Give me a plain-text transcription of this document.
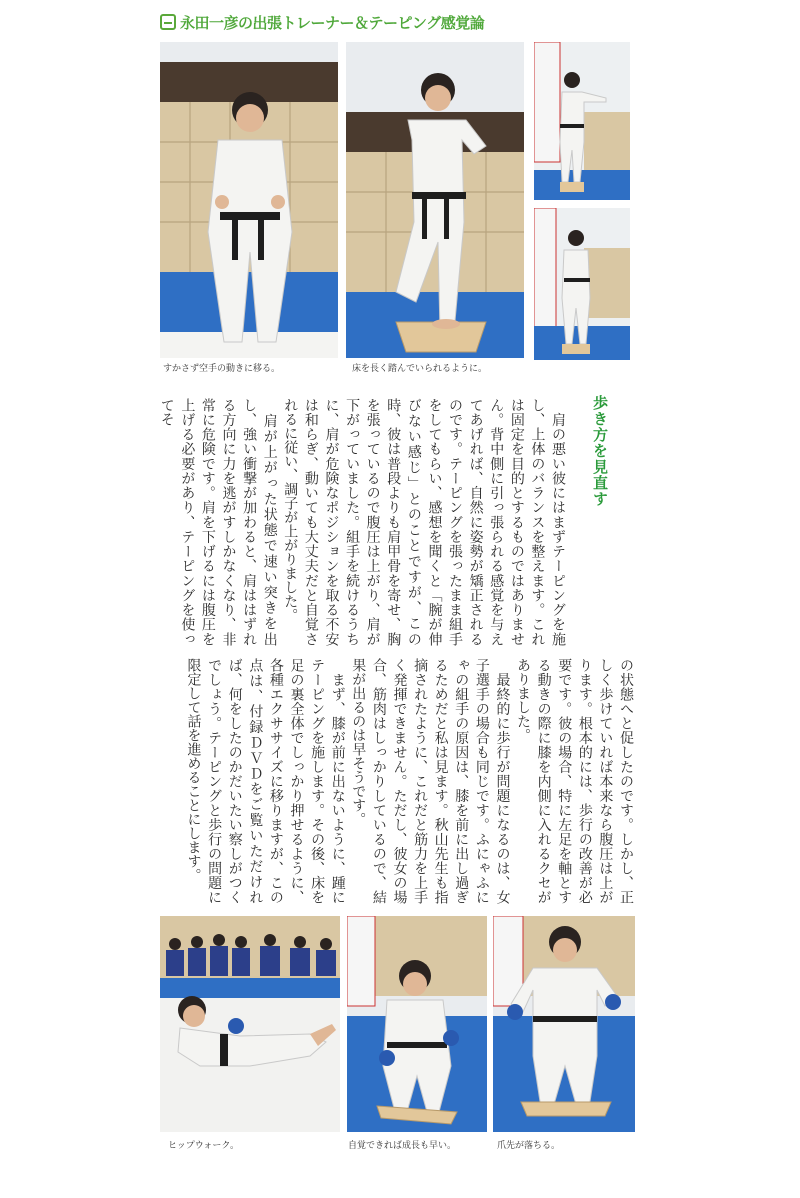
永田一彦の出張トレーナー＆テーピング感覚論
すかさず空手の動きに移る。	床を長く踏んでいられるように。
歩き方を見直す
　肩の悪い彼にはまずテーピングを施し、上体のバランスを整えます。これは固定を目的とするものではありません。背中側に引っ張られる感覚を与えてあげれば、自然に姿勢が矯正されるのです。テーピングを張ったまま組手をしてもらい、感想を聞くと「腕が伸びない感じ」とのことですが、この時、彼は普段よりも肩甲骨を寄せ、胸を張っているので腹圧は上がり、肩が下がっていました。組手を続けるうちに、肩が危険なポジションを取る不安は和らぎ、動いても大丈夫だと自覚されるに従い、調子が上がりました。
　肩が上がった状態で速い突きを出し、強い衝撃が加わると、肩ははずれる方向に力を逃がすしかなくなり、非常に危険です。肩を下げるには腹圧を上げる必要があり、テーピングを使ってそ
の状態へと促したのです。しかし、正しく歩けていれば本来なら腹圧は上がります。根本的には、歩行の改善が必要です。彼の場合、特に左足を軸とする動きの際に膝を内側に入れるクセがありました。
　最終的に歩行が問題になるのは、女子選手の場合も同じです。ふにゃふにゃの組手の原因は、膝を前に出し過ぎるためだと私は見ます。秋山先生も指摘されたように、これだと筋力を上手く発揮できません。ただし、彼女の場合、筋肉はしっかりしているので、結果が出るのは早そうです。
　まず、膝が前に出ないように、踵にテーピングを施します。その後、床を足の裏全体でしっかり押せるように、各種エクササイズに移りますが、この点は、付録ＤＶＤをご覧いただければ、何をしたのかだいたい察しがつくでしょう。テーピングと歩行の問題に限定して話を進めることにします。
ヒップウォーク。	自覚できれば成長も早い。	爪先が落ちる。
